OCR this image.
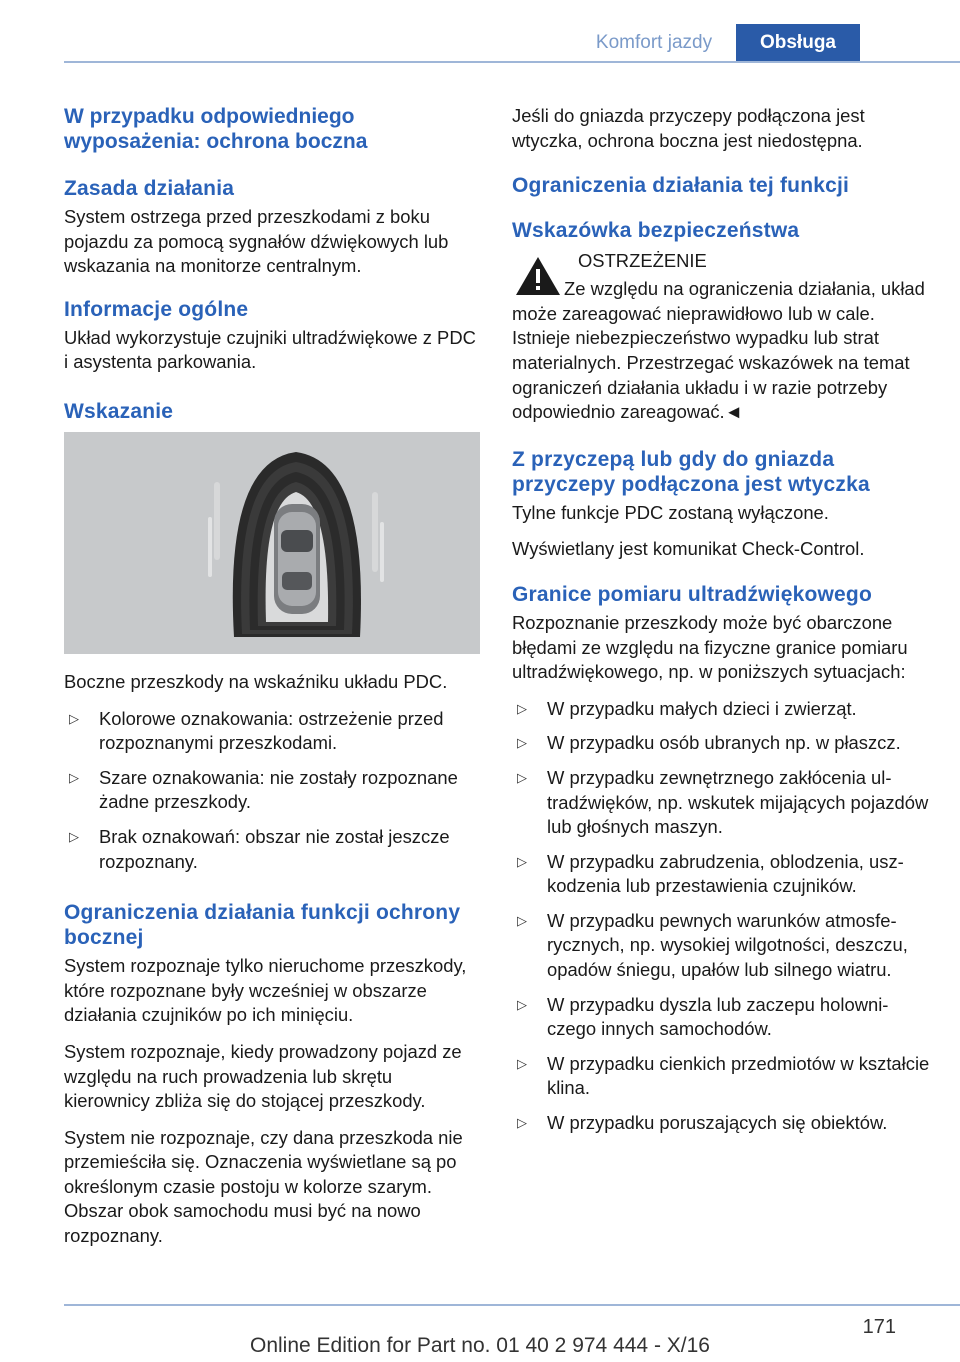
Komfort jazdy	Obsługa
W przypadku odpowiedniego wyposażenia: ochrona boczna
Zasada działania

System ostrzega przed przeszkodami z boku pojazdu za pomocą sygnałów dźwiękowych lub wskazania na monitorze centralnym.

Informacje ogólne

Układ wykorzystuje czujniki ultradźwiękowe z PDC i asystenta parkowania.

Wskazanie

Boczne przeszkody na wskaźniku układu PDC.

▷ Kolorowe oznakowania: ostrzeżenie przed rozpoznanymi przeszkodami.
▷ Szare oznakowania: nie zostały rozpoznane żadne przeszkody.
▷ Brak oznakowań: obszar nie został jeszcze rozpoznany.
Ograniczenia działania funkcji ochrony bocznej

System rozpoznaje tylko nieruchome przeszkody, które rozpoznane były wcześniej w obszarze działania czujników po ich minięciu.

System rozpoznaje, kiedy prowadzony pojazd ze względu na ruch prowadzenia lub skrętu kierownicy zbliża się do stojącej przeszkody.

System nie rozpoznaje, czy dana przeszkoda nie przemieściła się. Oznaczenia wyświetlane są po określonym czasie postoju w kolorze szarym. Obszar obok samochodu musi być na nowo rozpoznany.

Jeśli do gniazda przyczepy podłączona jest wtyczka, ochrona boczna jest niedostępna.

Ograniczenia działania tej funkcji
Wskazówka bezpieczeństwa
OSTRZEŻENIE

Ze względu na ograniczenia działania, układ może zareagować nieprawidłowo lub w cale. Istnieje niebezpieczeństwo wypadku lub strat materialnych. Przestrzegać wskazówek na temat ograniczeń działania układu i w razie potrzeby odpowiednio zareagować.◄

Z przyczepą lub gdy do gniazda przyczepy podłączona jest wtyczka

Tylne funkcje PDC zostaną wyłączone.

Wyświetlany jest komunikat Check-Control.

Granice pomiaru ultradźwiękowego

Rozpoznanie przeszkody może być obarczone błędami ze względu na fizyczne granice pomiaru ultradźwiękowego, np. w poniższych sytuacjach:

▷ W przypadku małych dzieci i zwierząt.
▷ W przypadku osób ubranych np. w płaszcz.
▷ W przypadku zewnętrznego zakłócenia ultradźwięków, np. wskutek mijających pojazdów lub głośnych maszyn.
▷ W przypadku zabrudzenia, oblodzenia, uszkodzenia lub przestawienia czujników.
▷ W przypadku pewnych warunków atmosferycznych, np. wysokiej wilgotności, deszczu, opadów śniegu, upałów lub silnego wiatru.
▷ W przypadku dyszla lub zaczepu holowniczego innych samochodów.
▷ W przypadku cienkich przedmiotów w kształcie klina.
▷ W przypadku poruszających się obiektów.
171
Online Edition for Part no. 01 40 2 974 444 - X/16
